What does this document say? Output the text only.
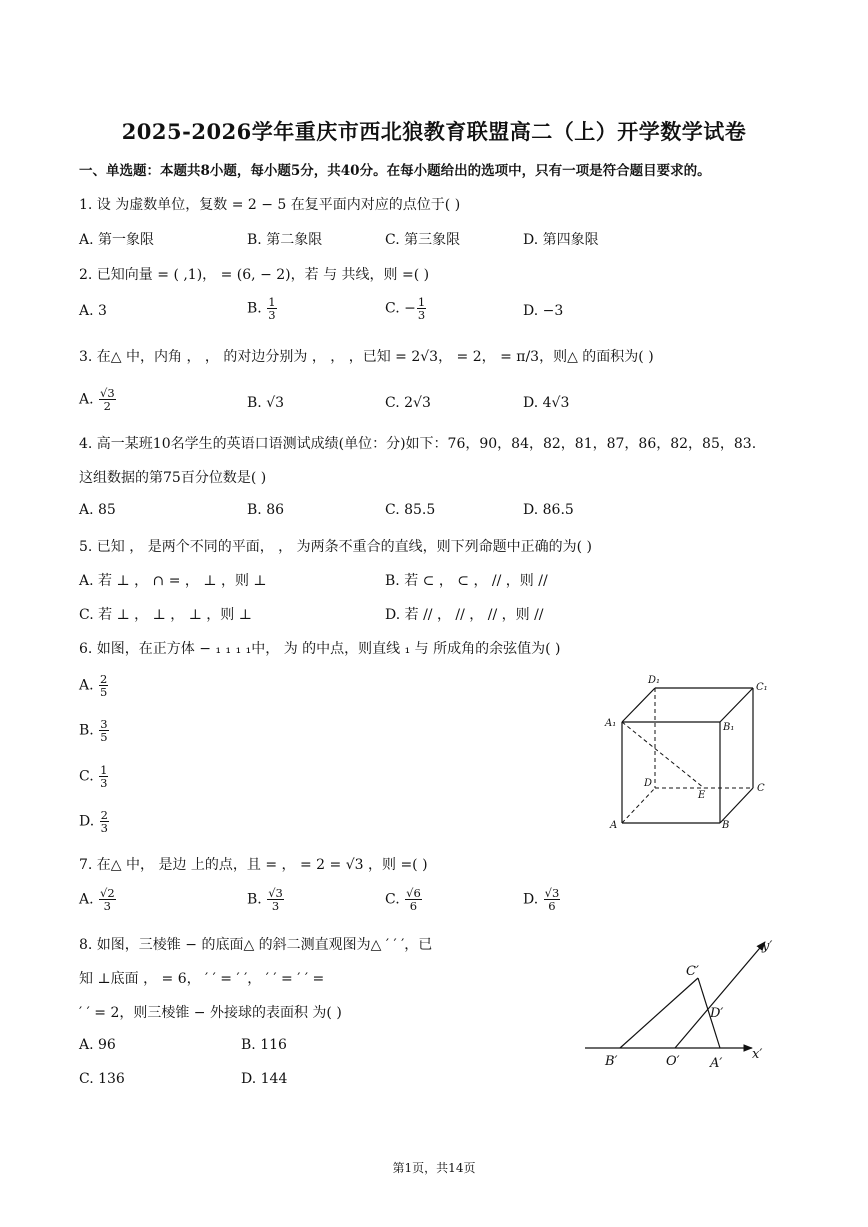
2025-2026学年重庆市西北狼教育联盟高二（上）开学数学试卷
一、单选题：本题共8小题，每小题5分，共40分。在每小题给出的选项中，只有一项是符合题目要求的。
1. 设 为虚数单位，复数 = 2 − 5 在复平面内对应的点位于( )
A. 第一象限	B. 第二象限	C. 第三象限	D. 第四象限
2. 已知向量 = ( ,1)， = (6, − 2)，若 与 共线，则 =( )
A. 3	B. $\frac{1}{3}$	C. − $\frac{1}{3}$	D. −3
3. 在△ 中，内角 ， ， 的对边分别为 ， ， ，已知 = 2√3， = 2， = π/3，则△ 的面积为( )
A. $\frac{√3}{2}$	B. √3	C. 2√3	D. 4√3
4. 高一某班10名学生的英语口语测试成绩(单位：分)如下：76，90，84，82，81，87，86，82，85，83.
这组数据的第75百分位数是( )
A. 85	B. 86	C. 85.5	D. 86.5
5. 已知 ， 是两个不同的平面， ， 为两条不重合的直线，则下列命题中正确的为( )
A. 若 ⊥ ， ∩ = ， ⊥ ，则 ⊥	B. 若 ⊂ ， ⊂ ， // ，则 //
C. 若 ⊥ ， ⊥ ， ⊥ ，则 ⊥	D. 若 // ， // ， // ，则 //
6. 如图，在正方体 − ₁ ₁ ₁ ₁中， 为 的中点，则直线 ₁ 与 所成角的余弦值为( )
A. $\frac{2}{5}$
B. $\frac{3}{5}$
C. $\frac{1}{3}$
D. $\frac{2}{3}$
D₁
C₁
A₁	B₁
D	C
E
A	B
7. 在△ 中， 是边 上的点，且 = ， = 2 = √3 ，则 =( )
A. $\frac{√2}{3}$	B. $\frac{√3}{3}$	C. $\frac{√6}{6}$	D. $\frac{√3}{6}$
8. 如图，三棱锥 − 的底面△ 的斜二测直观图为△ ′ ′ ′，已
知 ⊥底面 ， = 6， ′ ′ = ′ ′， ′ ′ = ′ ′ =
′ ′ = 2，则三棱锥 − 外接球的表面积 为( )
A. 96	B. 116
C. 136	D. 144
y′
C′
D′
B′	O′ A′
x′
第1页，共14页
